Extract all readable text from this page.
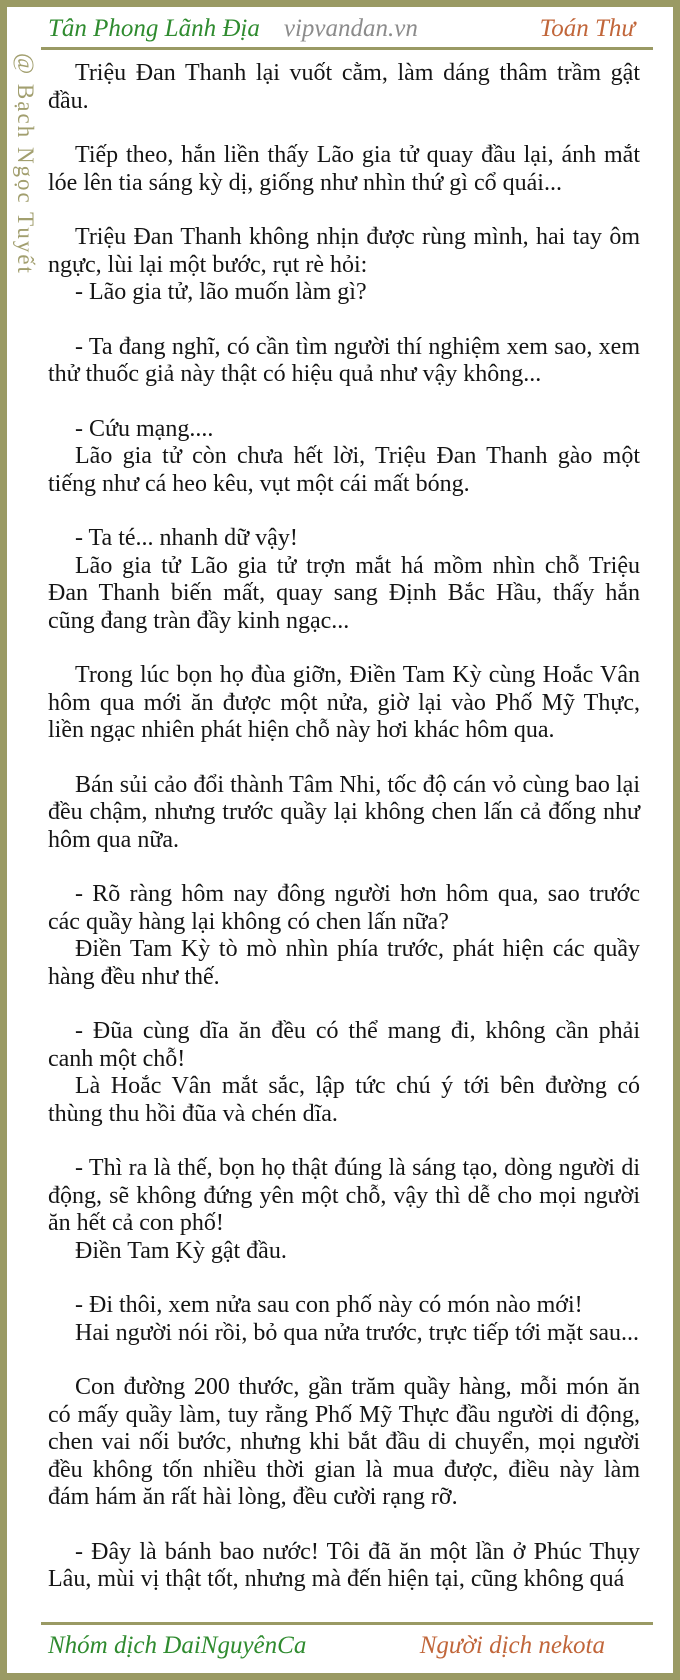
Tân Phong Lãnh Địa vipvandan.vn	Toán Thư
@ Bạch Ngọc Tuyết	Triệu Đan Thanh lại vuốt cằm, làm dáng thâm trầm gật đầu.

Tiếp theo, hắn liền thấy Lão gia tử quay đầu lại, ánh mắt lóe lên tia sáng kỳ dị, giống như nhìn thứ gì cổ quái...

Triệu Đan Thanh không nhịn được rùng mình, hai tay ôm ngực, lùi lại một bước, rụt rè hỏi:

- Lão gia tử, lão muốn làm gì?

- Ta đang nghĩ, có cần tìm người thí nghiệm xem sao, xem thử thuốc giả này thật có hiệu quả như vậy không...

- Cứu mạng....

Lão gia tử còn chưa hết lời, Triệu Đan Thanh gào một tiếng như cá heo kêu, vụt một cái mất bóng.

- Ta té... nhanh dữ vậy!

Lão gia tử Lão gia tử trợn mắt há mồm nhìn chỗ Triệu Đan Thanh biến mất, quay sang Định Bắc Hầu, thấy hắn cũng đang tràn đầy kinh ngạc...

Trong lúc bọn họ đùa giỡn, Điền Tam Kỳ cùng Hoắc Vân hôm qua mới ăn được một nửa, giờ lại vào Phố Mỹ Thực, liền ngạc nhiên phát hiện chỗ này hơi khác hôm qua.

Bán sủi cảo đổi thành Tâm Nhi, tốc độ cán vỏ cùng bao lại đều chậm, nhưng trước quầy lại không chen lấn cả đống như hôm qua nữa.

- Rõ ràng hôm nay đông người hơn hôm qua, sao trước các quầy hàng lại không có chen lấn nữa?

Điền Tam Kỳ tò mò nhìn phía trước, phát hiện các quầy hàng đều như thế.

- Đũa cùng dĩa ăn đều có thể mang đi, không cần phải canh một chỗ!

Là Hoắc Vân mắt sắc, lập tức chú ý tới bên đường có thùng thu hồi đũa và chén dĩa.

- Thì ra là thế, bọn họ thật đúng là sáng tạo, dòng người di động, sẽ không đứng yên một chỗ, vậy thì dễ cho mọi người ăn hết cả con phố!

Điền Tam Kỳ gật đầu.

- Đi thôi, xem nửa sau con phố này có món nào mới!

Hai người nói rồi, bỏ qua nửa trước, trực tiếp tới mặt sau...

Con đường 200 thước, gần trăm quầy hàng, mỗi món ăn có mấy quầy làm, tuy rằng Phố Mỹ Thực đầu người di động, chen vai nối bước, nhưng khi bắt đầu di chuyển, mọi người đều không tốn nhiều thời gian là mua được, điều này làm đám hám ăn rất hài lòng, đều cười rạng rỡ.

- Đây là bánh bao nước! Tôi đã ăn một lần ở Phúc Thụy Lâu, mùi vị thật tốt, nhưng mà đến hiện tại, cũng không quá

Nhóm dịch DaiNguyênCa	Người dịch nekota
